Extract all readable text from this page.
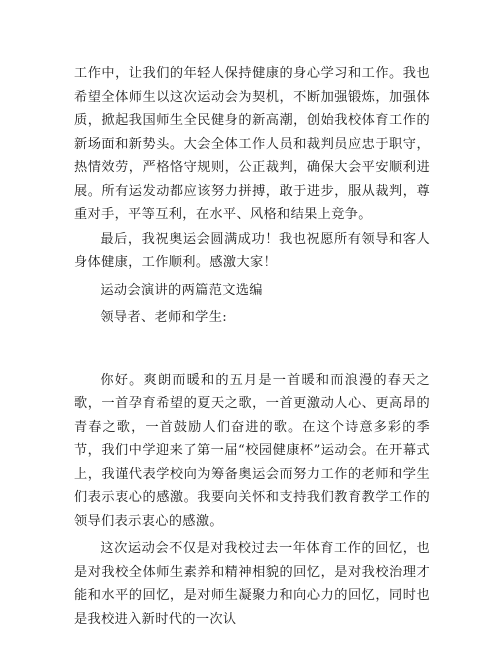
工作中，让我们的年轻人保持健康的身心学习和工作。我也希望全体师生以这次运动会为契机，不断加强锻炼，加强体质，掀起我国师生全民健身的新高潮，创始我校体育工作的新场面和新势头。大会全体工作人员和裁判员应忠于职守，热情效劳，严格恪守规则，公正裁判，确保大会平安顺利进展。所有运发动都应该努力拼搏，敢于进步，服从裁判，尊重对手，平等互利，在水平、风格和结果上竞争。

最后，我祝奥运会圆满成功！我也祝愿所有领导和客人身体健康，工作顺利。感激大家！

运动会演讲的两篇范文选编

领导者、老师和学生:

你好。爽朗而暖和的五月是一首暖和而浪漫的春天之歌，一首孕育希望的夏天之歌，一首更激动人心、更高昂的青春之歌，一首鼓励人们奋进的歌。在这个诗意多彩的季节，我们中学迎来了第一届“校园健康杯”运动会。在开幕式上，我谨代表学校向为筹备奥运会而努力工作的老师和学生们表示衷心的感激。我要向关怀和支持我们教育教学工作的领导们表示衷心的感激。

这次运动会不仅是对我校过去一年体育工作的回忆，也是对我校全体师生素养和精神相貌的回忆，是对我校治理才能和水平的回忆，是对师生凝聚力和向心力的回忆，同时也是我校进入新时代的一次认
